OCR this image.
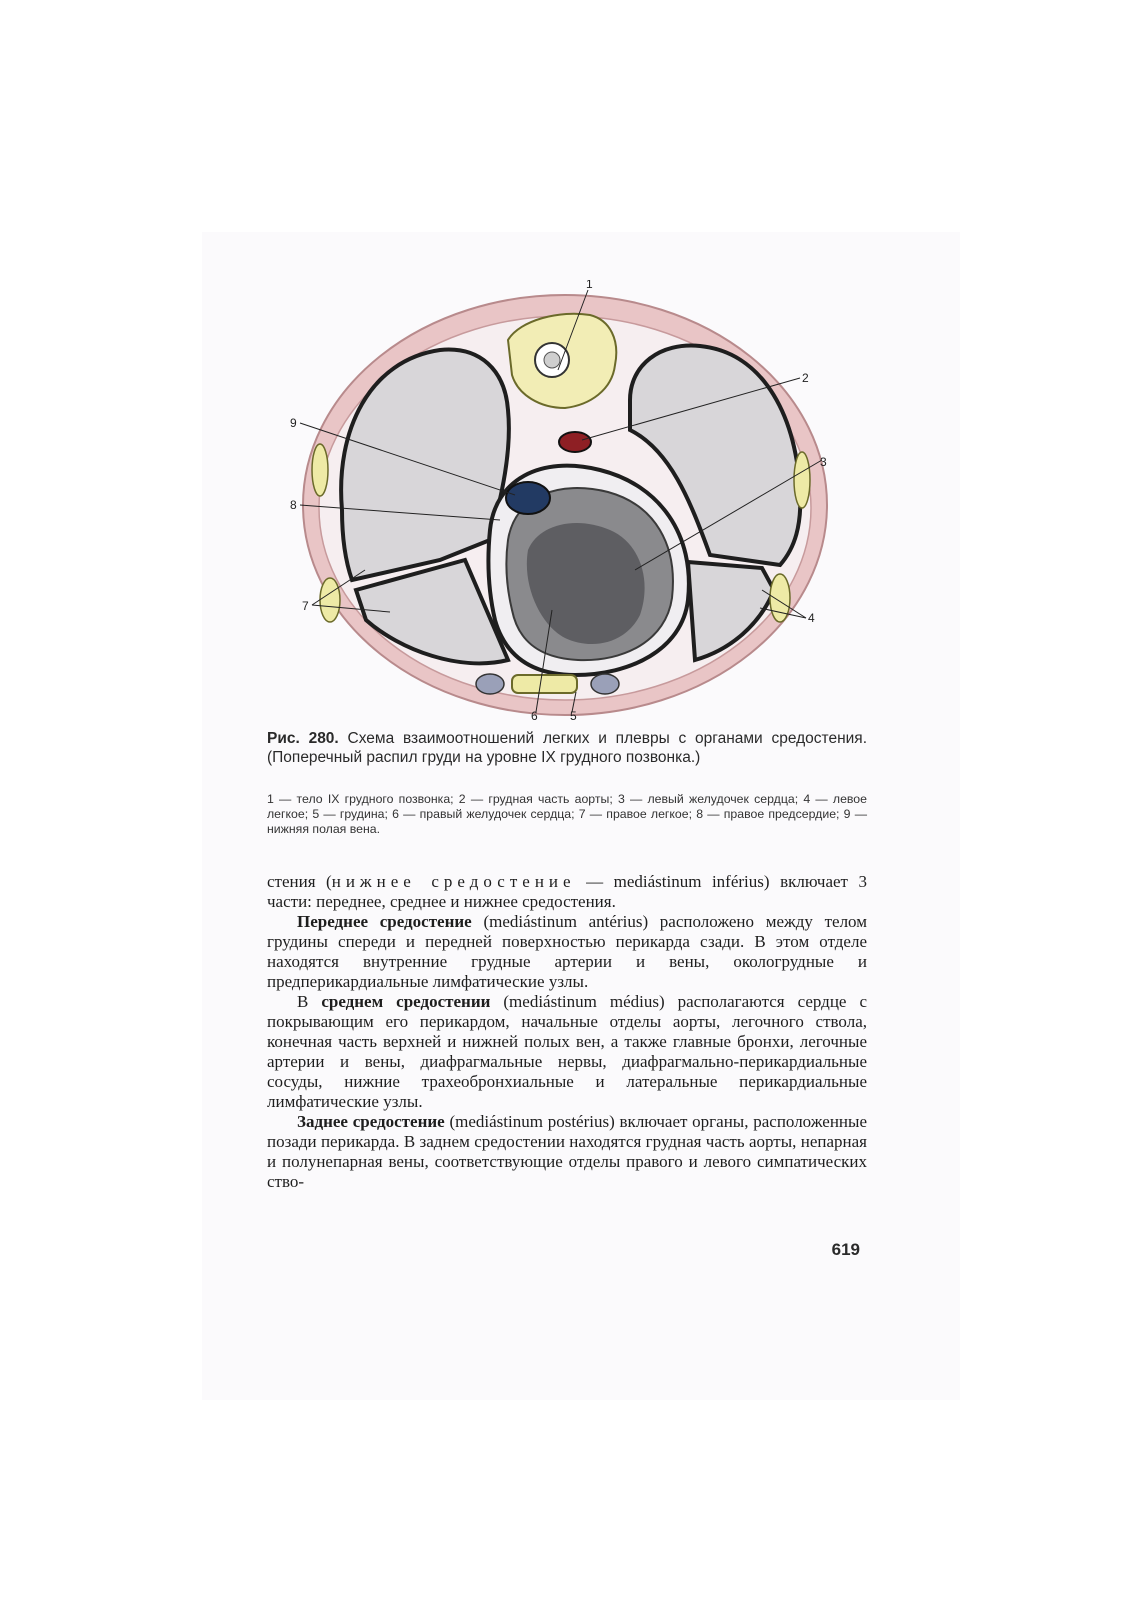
1
2
3
4
5
6
7
8
9
Рис. 280. Схема взаимоотношений легких и плевры с органами средостения. (Поперечный распил груди на уровне IX грудного позвонка.)
1 — тело IX грудного позвонка; 2 — грудная часть аорты; 3 — левый желудочек сердца; 4 — левое легкое; 5 — грудина; 6 — правый желудочек сердца; 7 — правое легкое; 8 — правое предсердие; 9 — нижняя полая вена.

стения (нижнее средостение — mediástinum inférius) включает 3 части: переднее, среднее и нижнее средостения.

Переднее средостение (mediástinum antérius) расположено между телом грудины спереди и передней поверхностью перикарда сзади. В этом отделе находятся внутренние грудные артерии и вены, окологрудные и предперикардиальные лимфатические узлы.

В среднем средостении (mediástinum médius) располагаются сердце с покрывающим его перикардом, начальные отделы аорты, легочного ствола, конечная часть верхней и нижней полых вен, а также главные бронхи, легочные артерии и вены, диафрагмальные нервы, диафрагмально-перикардиальные сосуды, нижние трахеобронхиальные и латеральные перикардиальные лимфатические узлы.

Заднее средостение (mediástinum postérius) включает органы, расположенные позади перикарда. В заднем средостении находятся грудная часть аорты, непарная и полунепарная вены, соответствующие отделы правого и левого симпатических ство-

619
